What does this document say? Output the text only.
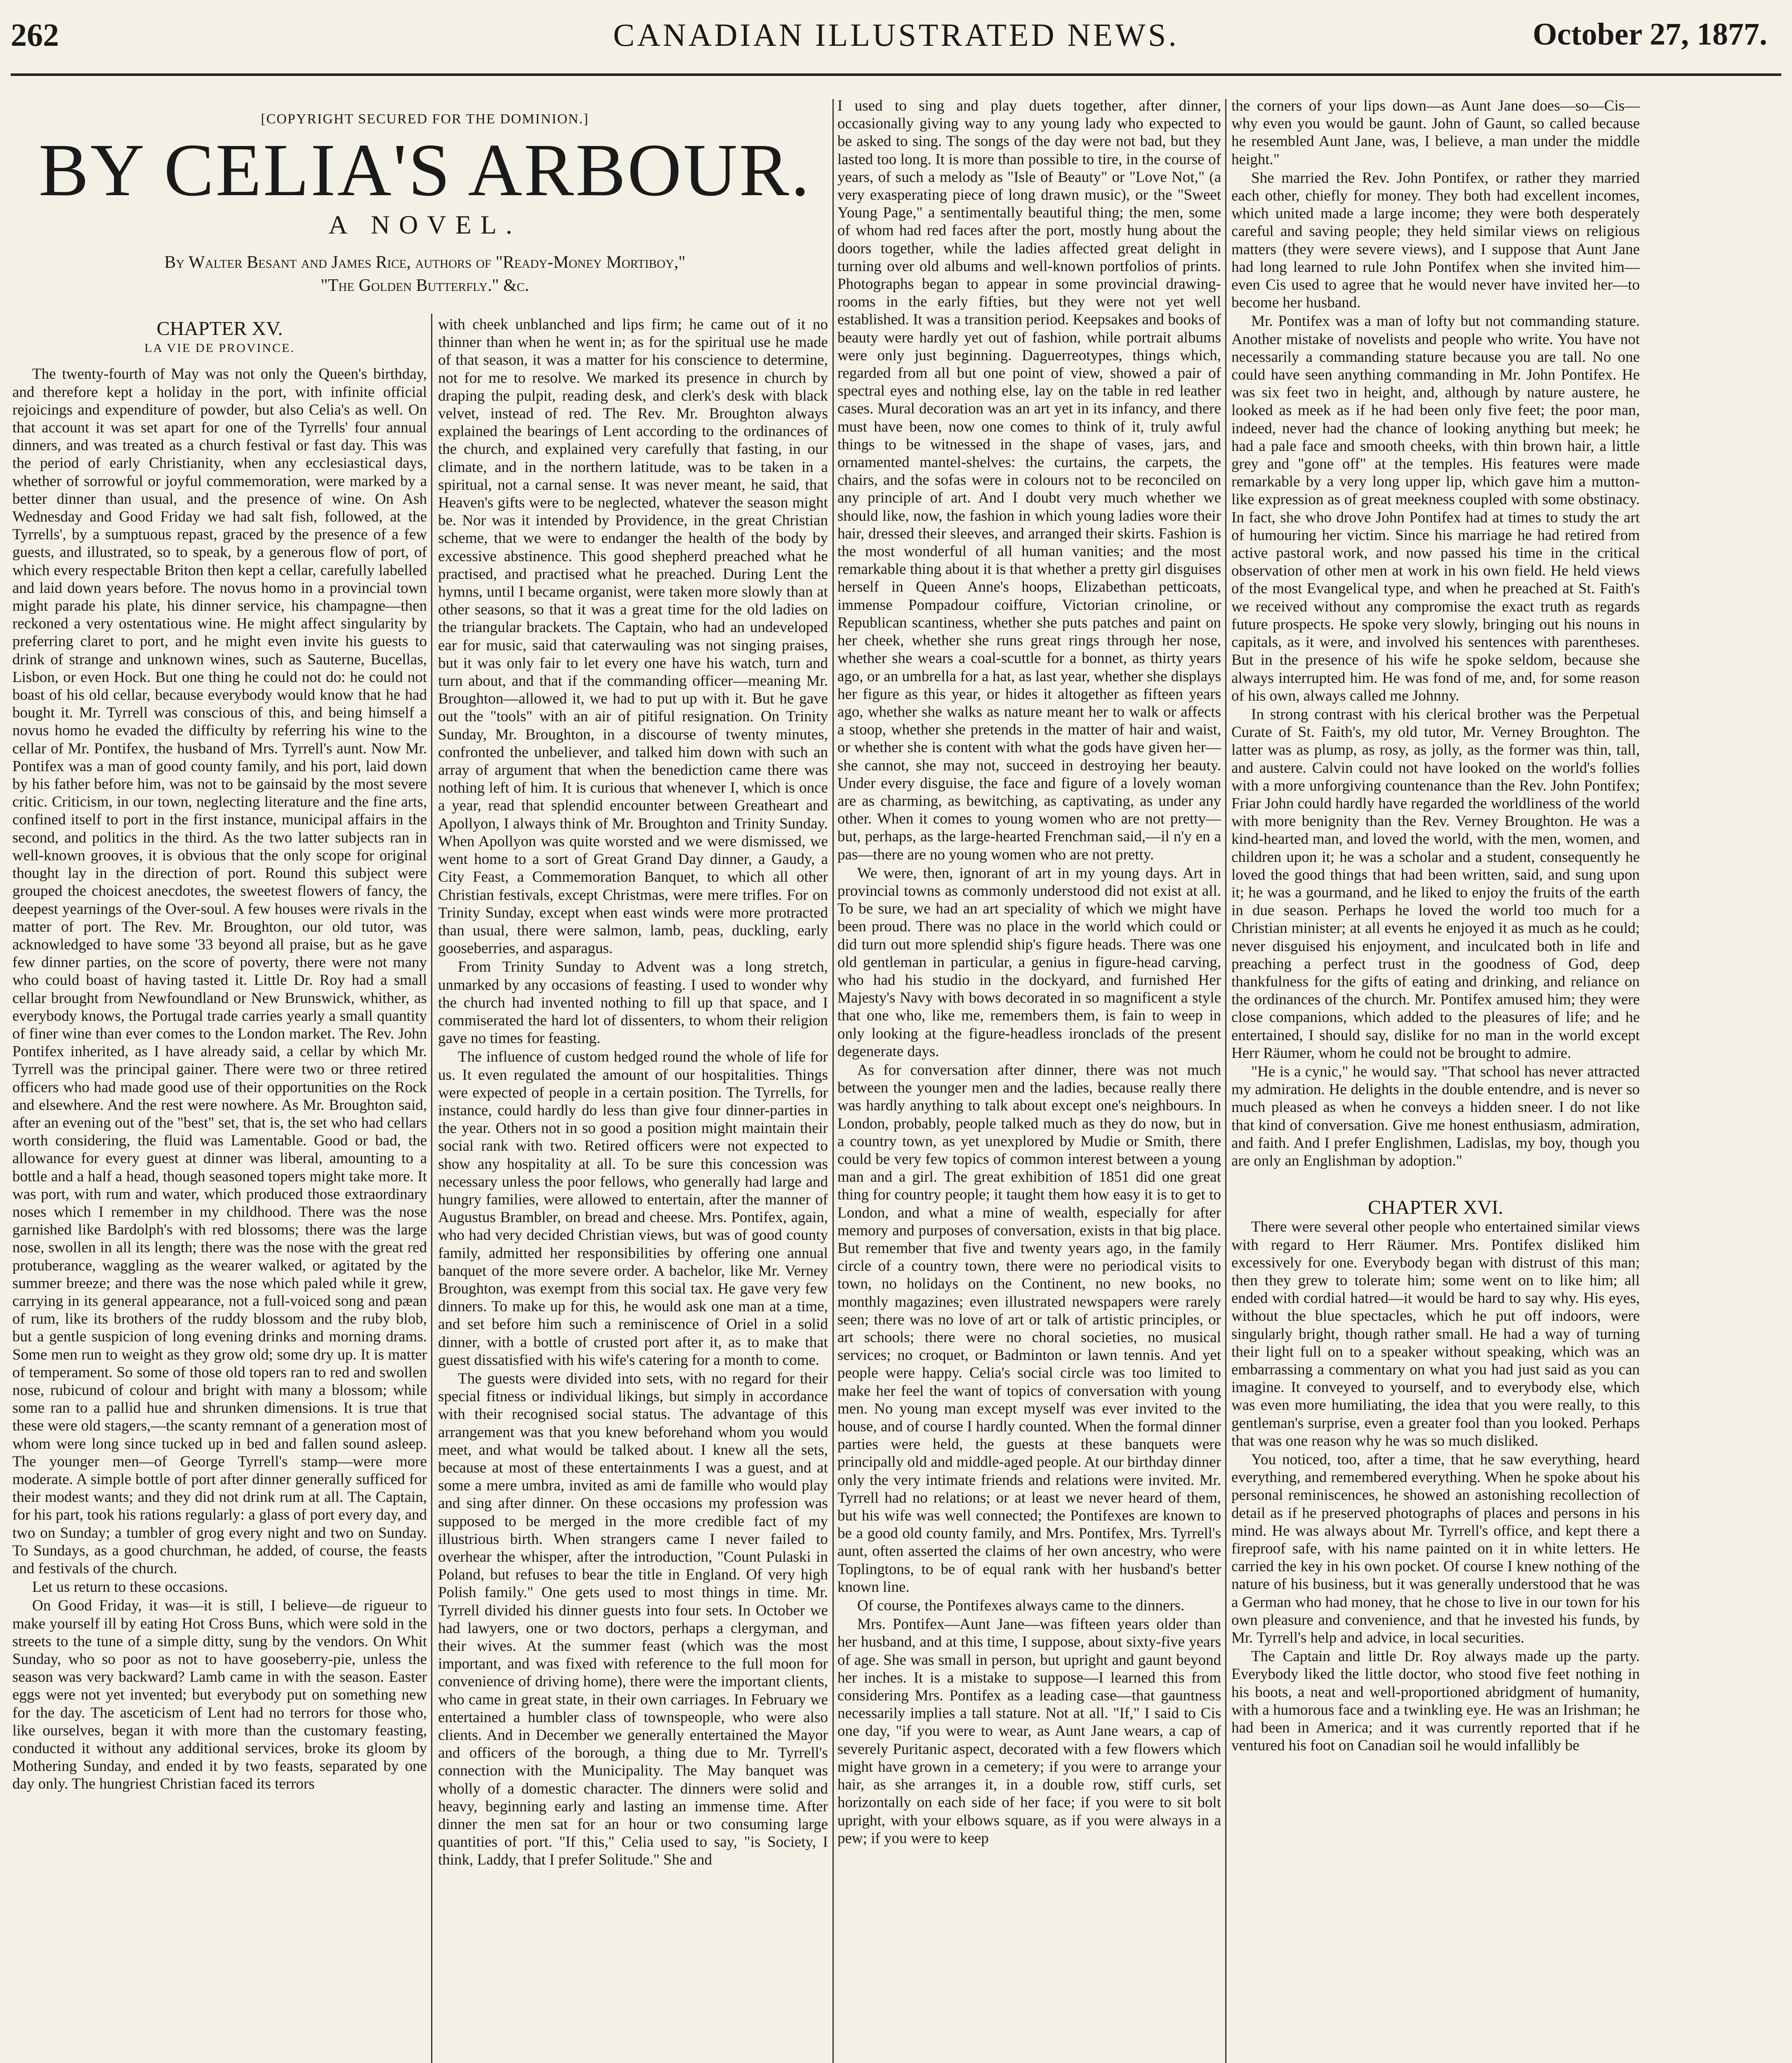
262	CANADIAN ILLUSTRATED NEWS.	October 27, 1877.
[COPYRIGHT SECURED FOR THE DOMINION.]
BY CELIA'S ARBOUR.
A NOVEL.
By Walter Besant and James Rice, authors of "Ready-Money Mortiboy,"
"The Golden Butterfly." &c.
CHAPTER XV.
LA VIE DE PROVINCE.

The twenty-fourth of May was not only the Queen's birthday, and therefore kept a holiday in the port, with infinite official rejoicings and expenditure of powder, but also Celia's as well. On that account it was set apart for one of the Tyrrells' four annual dinners, and was treated as a church festival or fast day. This was the period of early Christianity, when any ecclesiastical days, whether of sorrowful or joyful commemoration, were marked by a better dinner than usual, and the presence of wine. On Ash Wednesday and Good Friday we had salt fish, followed, at the Tyrrells', by a sumptuous repast, graced by the presence of a few guests, and illustrated, so to speak, by a generous flow of port, of which every respectable Briton then kept a cellar, carefully labelled and laid down years before. The novus homo in a provincial town might parade his plate, his dinner service, his champagne—then reckoned a very ostentatious wine. He might affect singularity by preferring claret to port, and he might even invite his guests to drink of strange and unknown wines, such as Sauterne, Bucellas, Lisbon, or even Hock. But one thing he could not do: he could not boast of his old cellar, because everybody would know that he had bought it. Mr. Tyrrell was conscious of this, and being himself a novus homo he evaded the difficulty by referring his wine to the cellar of Mr. Pontifex, the husband of Mrs. Tyrrell's aunt. Now Mr. Pontifex was a man of good county family, and his port, laid down by his father before him, was not to be gainsaid by the most severe critic. Criticism, in our town, neglecting literature and the fine arts, confined itself to port in the first instance, municipal affairs in the second, and politics in the third. As the two latter subjects ran in well-known grooves, it is obvious that the only scope for original thought lay in the direction of port. Round this subject were grouped the choicest anecdotes, the sweetest flowers of fancy, the deepest yearnings of the Over-soul. A few houses were rivals in the matter of port. The Rev. Mr. Broughton, our old tutor, was acknowledged to have some '33 beyond all praise, but as he gave few dinner parties, on the score of poverty, there were not many who could boast of having tasted it. Little Dr. Roy had a small cellar brought from Newfoundland or New Brunswick, whither, as everybody knows, the Portugal trade carries yearly a small quantity of finer wine than ever comes to the London market. The Rev. John Pontifex inherited, as I have already said, a cellar by which Mr. Tyrrell was the principal gainer. There were two or three retired officers who had made good use of their opportunities on the Rock and elsewhere. And the rest were nowhere. As Mr. Broughton said, after an evening out of the "best" set, that is, the set who had cellars worth considering, the fluid was Lamentable. Good or bad, the allowance for every guest at dinner was liberal, amounting to a bottle and a half a head, though seasoned topers might take more. It was port, with rum and water, which produced those extraordinary noses which I remember in my childhood. There was the nose garnished like Bardolph's with red blossoms; there was the large nose, swollen in all its length; there was the nose with the great red protuberance, waggling as the wearer walked, or agitated by the summer breeze; and there was the nose which paled while it grew, carrying in its general appearance, not a full-voiced song and pæan of rum, like its brothers of the ruddy blossom and the ruby blob, but a gentle suspicion of long evening drinks and morning drams. Some men run to weight as they grow old; some dry up. It is matter of temperament. So some of those old topers ran to red and swollen nose, rubicund of colour and bright with many a blossom; while some ran to a pallid hue and shrunken dimensions. It is true that these were old stagers,—the scanty remnant of a generation most of whom were long since tucked up in bed and fallen sound asleep. The younger men—of George Tyrrell's stamp—were more moderate. A simple bottle of port after dinner generally sufficed for their modest wants; and they did not drink rum at all. The Captain, for his part, took his rations regularly: a glass of port every day, and two on Sunday; a tumbler of grog every night and two on Sunday. To Sundays, as a good churchman, he added, of course, the feasts and festivals of the church.

Let us return to these occasions.

On Good Friday, it was—it is still, I believe—de rigueur to make yourself ill by eating Hot Cross Buns, which were sold in the streets to the tune of a simple ditty, sung by the vendors. On Whit Sunday, who so poor as not to have gooseberry-pie, unless the season was very backward? Lamb came in with the season. Easter eggs were not yet invented; but everybody put on something new for the day. The asceticism of Lent had no terrors for those who, like ourselves, began it with more than the customary feasting, conducted it without any additional services, broke its gloom by Mothering Sunday, and ended it by two feasts, separated by one day only. The hungriest Christian faced its terrors

with cheek unblanched and lips firm; he came out of it no thinner than when he went in; as for the spiritual use he made of that season, it was a matter for his conscience to determine, not for me to resolve. We marked its presence in church by draping the pulpit, reading desk, and clerk's desk with black velvet, instead of red. The Rev. Mr. Broughton always explained the bearings of Lent according to the ordinances of the church, and explained very carefully that fasting, in our climate, and in the northern latitude, was to be taken in a spiritual, not a carnal sense. It was never meant, he said, that Heaven's gifts were to be neglected, whatever the season might be. Nor was it intended by Providence, in the great Christian scheme, that we were to endanger the health of the body by excessive abstinence. This good shepherd preached what he practised, and practised what he preached. During Lent the hymns, until I became organist, were taken more slowly than at other seasons, so that it was a great time for the old ladies on the triangular brackets. The Captain, who had an undeveloped ear for music, said that caterwauling was not singing praises, but it was only fair to let every one have his watch, turn and turn about, and that if the commanding officer—meaning Mr. Broughton—allowed it, we had to put up with it. But he gave out the "tools" with an air of pitiful resignation. On Trinity Sunday, Mr. Broughton, in a discourse of twenty minutes, confronted the unbeliever, and talked him down with such an array of argument that when the benediction came there was nothing left of him. It is curious that whenever I, which is once a year, read that splendid encounter between Greatheart and Apollyon, I always think of Mr. Broughton and Trinity Sunday. When Apollyon was quite worsted and we were dismissed, we went home to a sort of Great Grand Day dinner, a Gaudy, a City Feast, a Commemoration Banquet, to which all other Christian festivals, except Christmas, were mere trifles. For on Trinity Sunday, except when east winds were more protracted than usual, there were salmon, lamb, peas, duckling, early gooseberries, and asparagus.

From Trinity Sunday to Advent was a long stretch, unmarked by any occasions of feasting. I used to wonder why the church had invented nothing to fill up that space, and I commiserated the hard lot of dissenters, to whom their religion gave no times for feasting.

The influence of custom hedged round the whole of life for us. It even regulated the amount of our hospitalities. Things were expected of people in a certain position. The Tyrrells, for instance, could hardly do less than give four dinner-parties in the year. Others not in so good a position might maintain their social rank with two. Retired officers were not expected to show any hospitality at all. To be sure this concession was necessary unless the poor fellows, who generally had large and hungry families, were allowed to entertain, after the manner of Augustus Brambler, on bread and cheese. Mrs. Pontifex, again, who had very decided Christian views, but was of good county family, admitted her responsibilities by offering one annual banquet of the more severe order. A bachelor, like Mr. Verney Broughton, was exempt from this social tax. He gave very few dinners. To make up for this, he would ask one man at a time, and set before him such a reminiscence of Oriel in a solid dinner, with a bottle of crusted port after it, as to make that guest dissatisfied with his wife's catering for a month to come.

The guests were divided into sets, with no regard for their special fitness or individual likings, but simply in accordance with their recognised social status. The advantage of this arrangement was that you knew beforehand whom you would meet, and what would be talked about. I knew all the sets, because at most of these entertainments I was a guest, and at some a mere umbra, invited as ami de famille who would play and sing after dinner. On these occasions my profession was supposed to be merged in the more credible fact of my illustrious birth. When strangers came I never failed to overhear the whisper, after the introduction, "Count Pulaski in Poland, but refuses to bear the title in England. Of very high Polish family." One gets used to most things in time. Mr. Tyrrell divided his dinner guests into four sets. In October we had lawyers, one or two doctors, perhaps a clergyman, and their wives. At the summer feast (which was the most important, and was fixed with reference to the full moon for convenience of driving home), there were the important clients, who came in great state, in their own carriages. In February we entertained a humbler class of townspeople, who were also clients. And in December we generally entertained the Mayor and officers of the borough, a thing due to Mr. Tyrrell's connection with the Municipality. The May banquet was wholly of a domestic character. The dinners were solid and heavy, beginning early and lasting an immense time. After dinner the men sat for an hour or two consuming large quantities of port. "If this," Celia used to say, "is Society, I think, Laddy, that I prefer Solitude." She and

I used to sing and play duets together, after dinner, occasionally giving way to any young lady who expected to be asked to sing. The songs of the day were not bad, but they lasted too long. It is more than possible to tire, in the course of years, of such a melody as "Isle of Beauty" or "Love Not," (a very exasperating piece of long drawn music), or the "Sweet Young Page," a sentimentally beautiful thing; the men, some of whom had red faces after the port, mostly hung about the doors together, while the ladies affected great delight in turning over old albums and well-known portfolios of prints. Photographs began to appear in some provincial drawing-rooms in the early fifties, but they were not yet well established. It was a transition period. Keepsakes and books of beauty were hardly yet out of fashion, while portrait albums were only just beginning. Daguerreotypes, things which, regarded from all but one point of view, showed a pair of spectral eyes and nothing else, lay on the table in red leather cases. Mural decoration was an art yet in its infancy, and there must have been, now one comes to think of it, truly awful things to be witnessed in the shape of vases, jars, and ornamented mantel-shelves: the curtains, the carpets, the chairs, and the sofas were in colours not to be reconciled on any principle of art. And I doubt very much whether we should like, now, the fashion in which young ladies wore their hair, dressed their sleeves, and arranged their skirts. Fashion is the most wonderful of all human vanities; and the most remarkable thing about it is that whether a pretty girl disguises herself in Queen Anne's hoops, Elizabethan petticoats, immense Pompadour coiffure, Victorian crinoline, or Republican scantiness, whether she puts patches and paint on her cheek, whether she runs great rings through her nose, whether she wears a coal-scuttle for a bonnet, as thirty years ago, or an umbrella for a hat, as last year, whether she displays her figure as this year, or hides it altogether as fifteen years ago, whether she walks as nature meant her to walk or affects a stoop, whether she pretends in the matter of hair and waist, or whether she is content with what the gods have given her—she cannot, she may not, succeed in destroying her beauty. Under every disguise, the face and figure of a lovely woman are as charming, as bewitching, as captivating, as under any other. When it comes to young women who are not pretty—but, perhaps, as the large-hearted Frenchman said,—il n'y en a pas—there are no young women who are not pretty.

We were, then, ignorant of art in my young days. Art in provincial towns as commonly understood did not exist at all. To be sure, we had an art speciality of which we might have been proud. There was no place in the world which could or did turn out more splendid ship's figure heads. There was one old gentleman in particular, a genius in figure-head carving, who had his studio in the dockyard, and furnished Her Majesty's Navy with bows decorated in so magnificent a style that one who, like me, remembers them, is fain to weep in only looking at the figure-headless ironclads of the present degenerate days.

As for conversation after dinner, there was not much between the younger men and the ladies, because really there was hardly anything to talk about except one's neighbours. In London, probably, people talked much as they do now, but in a country town, as yet unexplored by Mudie or Smith, there could be very few topics of common interest between a young man and a girl. The great exhibition of 1851 did one great thing for country people; it taught them how easy it is to get to London, and what a mine of wealth, especially for after memory and purposes of conversation, exists in that big place. But remember that five and twenty years ago, in the family circle of a country town, there were no periodical visits to town, no holidays on the Continent, no new books, no monthly magazines; even illustrated newspapers were rarely seen; there was no love of art or talk of artistic principles, or art schools; there were no choral societies, no musical services; no croquet, or Badminton or lawn tennis. And yet people were happy. Celia's social circle was too limited to make her feel the want of topics of conversation with young men. No young man except myself was ever invited to the house, and of course I hardly counted. When the formal dinner parties were held, the guests at these banquets were principally old and middle-aged people. At our birthday dinner only the very intimate friends and relations were invited. Mr. Tyrrell had no relations; or at least we never heard of them, but his wife was well connected; the Pontifexes are known to be a good old county family, and Mrs. Pontifex, Mrs. Tyrrell's aunt, often asserted the claims of her own ancestry, who were Toplingtons, to be of equal rank with her husband's better known line.

Of course, the Pontifexes always came to the dinners.

Mrs. Pontifex—Aunt Jane—was fifteen years older than her husband, and at this time, I suppose, about sixty-five years of age. She was small in person, but upright and gaunt beyond her inches. It is a mistake to suppose—I learned this from considering Mrs. Pontifex as a leading case—that gauntness necessarily implies a tall stature. Not at all. "If," I said to Cis one day, "if you were to wear, as Aunt Jane wears, a cap of severely Puritanic aspect, decorated with a few flowers which might have grown in a cemetery; if you were to arrange your hair, as she arranges it, in a double row, stiff curls, set horizontally on each side of her face; if you were to sit bolt upright, with your elbows square, as if you were always in a pew; if you were to keep

the corners of your lips down—as Aunt Jane does—so—Cis—why even you would be gaunt. John of Gaunt, so called because he resembled Aunt Jane, was, I believe, a man under the middle height."

She married the Rev. John Pontifex, or rather they married each other, chiefly for money. They both had excellent incomes, which united made a large income; they were both desperately careful and saving people; they held similar views on religious matters (they were severe views), and I suppose that Aunt Jane had long learned to rule John Pontifex when she invited him—even Cis used to agree that he would never have invited her—to become her husband.

Mr. Pontifex was a man of lofty but not commanding stature. Another mistake of novelists and people who write. You have not necessarily a commanding stature because you are tall. No one could have seen anything commanding in Mr. John Pontifex. He was six feet two in height, and, although by nature austere, he looked as meek as if he had been only five feet; the poor man, indeed, never had the chance of looking anything but meek; he had a pale face and smooth cheeks, with thin brown hair, a little grey and "gone off" at the temples. His features were made remarkable by a very long upper lip, which gave him a mutton-like expression as of great meekness coupled with some obstinacy. In fact, she who drove John Pontifex had at times to study the art of humouring her victim. Since his marriage he had retired from active pastoral work, and now passed his time in the critical observation of other men at work in his own field. He held views of the most Evangelical type, and when he preached at St. Faith's we received without any compromise the exact truth as regards future prospects. He spoke very slowly, bringing out his nouns in capitals, as it were, and involved his sentences with parentheses. But in the presence of his wife he spoke seldom, because she always interrupted him. He was fond of me, and, for some reason of his own, always called me Johnny.

In strong contrast with his clerical brother was the Perpetual Curate of St. Faith's, my old tutor, Mr. Verney Broughton. The latter was as plump, as rosy, as jolly, as the former was thin, tall, and austere. Calvin could not have looked on the world's follies with a more unforgiving countenance than the Rev. John Pontifex; Friar John could hardly have regarded the worldliness of the world with more benignity than the Rev. Verney Broughton. He was a kind-hearted man, and loved the world, with the men, women, and children upon it; he was a scholar and a student, consequently he loved the good things that had been written, said, and sung upon it; he was a gourmand, and he liked to enjoy the fruits of the earth in due season. Perhaps he loved the world too much for a Christian minister; at all events he enjoyed it as much as he could; never disguised his enjoyment, and inculcated both in life and preaching a perfect trust in the goodness of God, deep thankfulness for the gifts of eating and drinking, and reliance on the ordinances of the church. Mr. Pontifex amused him; they were close companions, which added to the pleasures of life; and he entertained, I should say, dislike for no man in the world except Herr Räumer, whom he could not be brought to admire.

"He is a cynic," he would say. "That school has never attracted my admiration. He delights in the double entendre, and is never so much pleased as when he conveys a hidden sneer. I do not like that kind of conversation. Give me honest enthusiasm, admiration, and faith. And I prefer Englishmen, Ladislas, my boy, though you are only an Englishman by adoption."

CHAPTER XVI.

There were several other people who entertained similar views with regard to Herr Räumer. Mrs. Pontifex disliked him excessively for one. Everybody began with distrust of this man; then they grew to tolerate him; some went on to like him; all ended with cordial hatred—it would be hard to say why. His eyes, without the blue spectacles, which he put off indoors, were singularly bright, though rather small. He had a way of turning their light full on to a speaker without speaking, which was an embarrassing a commentary on what you had just said as you can imagine. It conveyed to yourself, and to everybody else, which was even more humiliating, the idea that you were really, to this gentleman's surprise, even a greater fool than you looked. Perhaps that was one reason why he was so much disliked.

You noticed, too, after a time, that he saw everything, heard everything, and remembered everything. When he spoke about his personal reminiscences, he showed an astonishing recollection of detail as if he preserved photographs of places and persons in his mind. He was always about Mr. Tyrrell's office, and kept there a fireproof safe, with his name painted on it in white letters. He carried the key in his own pocket. Of course I knew nothing of the nature of his business, but it was generally understood that he was a German who had money, that he chose to live in our town for his own pleasure and convenience, and that he invested his funds, by Mr. Tyrrell's help and advice, in local securities.

The Captain and little Dr. Roy always made up the party. Everybody liked the little doctor, who stood five feet nothing in his boots, a neat and well-proportioned abridgment of humanity, with a humorous face and a twinkling eye. He was an Irishman; he had been in America; and it was currently reported that if he ventured his foot on Canadian soil he would infallibly be
